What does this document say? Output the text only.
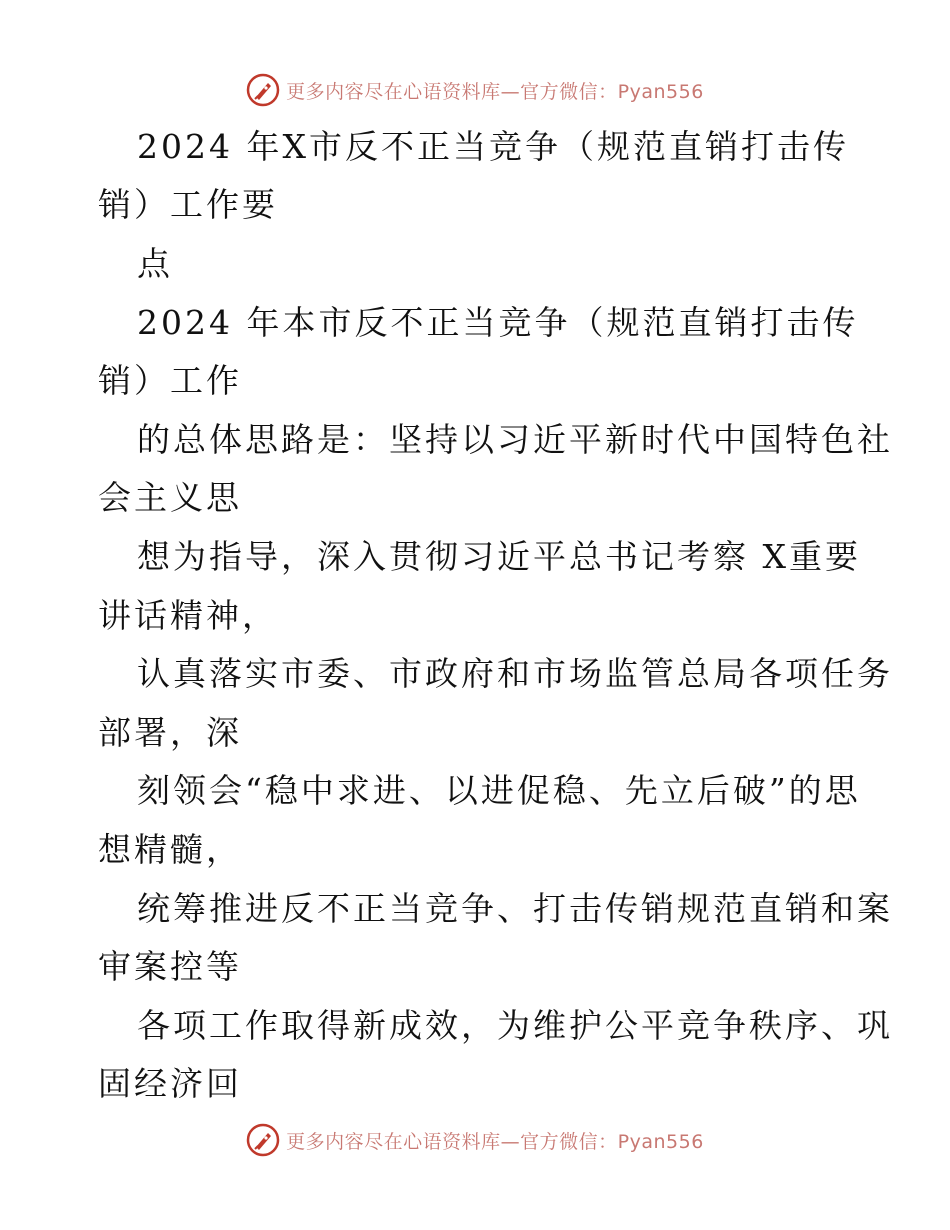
更多内容尽在心语资料库—官方微信：Pyan556
2024 年X市反不正当竞争（规范直销打击传
销）工作要
点
2024 年本市反不正当竞争（规范直销打击传
销）工作
的总体思路是：坚持以习近平新时代中国特色社
会主义思
想为指导，深入贯彻习近平总书记考察 X重要
讲话精神，
认真落实市委、市政府和市场监管总局各项任务
部署，深
刻领会“稳中求进、以进促稳、先立后破”的思
想精髓，
统筹推进反不正当竞争、打击传销规范直销和案
审案控等
各项工作取得新成效，为维护公平竞争秩序、巩
固经济回
更多内容尽在心语资料库—官方微信：Pyan556
